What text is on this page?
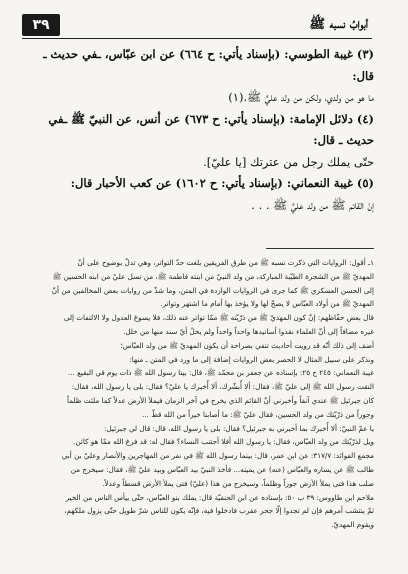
٣٩	أبوابُ نسبه ﷺ

(٣) غيبة الطوسي: (بإسناد يأتي: ح ٦٦٤) عن ابن عبّاس، ـفي حديث ـ قال:

ما هو من ولدي، ولكن من ولد عليٍّ ﷺ.(١)

(٤) دلائل الإمامة: (بإسناد يأتي: ح ٦٧٣) عن أنس، عن النبيّ ﷺ ـفي حديث ـ قال:

حتّى يملك رجل من عترتك [يا عليّ].

(٥) غيبة النعماني: (بإسناد يأتي: ح ١٦٠٢) عن كعب الأحبار قال:

إنّ القائم ﷺ من ولد عليٍّ ﷺ . . .

١ـ أقول: الروايات التي ذكرت نسبه ﷺ من طرق الفريقين بلغت حدّ التواتر، وهي تدلّ بوضوح على أنّ

المهديّ ﷺ من الشجرة الطيّبة المباركة، من ولد النبيّ من ابنته فاطمة ﷺ، من نسل عليّ من ابنه الحسين ﷺ

إلى الحسن العسكري ﷺ كما جرى في الروايات الواردة في المتن، وما شذّ من روايات بعض المخالفين من أنّ

المهديّ ﷺ من أولاد العبّاس لا يصحّ لها ولا يؤخذ بها أمام ما اشتهر وتواتر.

قال بعض حفّاظهم: إنّ كون المهديّ ﷺ من ذرّيّته ﷺ ممّا تواتر عنه ذلك، فلا يسوغ العدول ولا الالتفات إلى

غيره مضافاً إلى أنّ العلماء نقدوا أسانيدها واحداً واحداً ولم يخلُ أيّ سند منها من خلل.

أضف إلى ذلك أنّه قد رويت أحاديث تنفي بصراحة أن يكون المهديّ ﷺ من ولد العبّاس؛

ونذكر على سبيل المثال لا الحصر بعض الروايات إضافة إلى ما ورد في المتن ـ منها:

غيبة النعماني: ٢٤٥ ح ٢٥: بإسناده عن جعفر بن محمّد ﷺ، قال: بينا رسول الله ﷺ ذات يوم في البقيع ...

النقت رسول الله ﷺ إلى عليّ ﷺ، فقال: ألا أُبشّرك، ألا أُخبرك يا عليّ؟ فقال: بلى يا رسول الله، فقال:

كان جبرئيل ﷺ عندي آنفاً وأخبرني أنّ القائم الذي يخرج في آخر الزمان فيملأ الأرض عدلاً كما ملئت ظلماً

وجوراً من ذرّيّتك من ولد الحسين، فقال عليّ ﷺ: ما أصابنا خيراً من الله قطّ ...

يا عمّ النبيّ: ألا أُخبرك بما أخبرني به جبرئيل؟ فقال: بلى يا رسول الله، قال: قال لي جبرئيل:

ويل لذرّيّتك من ولد العبّاس، فقال: يا رسول الله أفلا أجتنب النساء؟ فقال له: قد فرغ الله ممّا هو كائن.

مجمع الفوائد: ٣١٧/٧: عن ابن عمر، قال: بينما رسول الله ﷺ في نفر من المهاجرين والأنصار وعليّ بن أبي

طالب ﷺ عن يساره والعبّاس (عنه) عن يمينه... فأخذ النبيّ بيد العبّاس وبيد عليّ ﷺ، فقال: سيخرج من

صلب هذا فتى يملأ الأرض جوراً وظلماً، وسيخرج من هذا (عليّ) فتى يملأ الأرض قسطاً وعدلاً.

ملاحم ابن طاووس: ٣٩ ب ٥٠: بإسناده عن ابن الحنفيّة قال: يملك بنو العبّاس، حتّى ييأس الناس من الخير

ثمّ ينتشب أمرهم فإن لم تجدوا إلّا جحر عقرب فادخلوا فيه، فإنّه يكون للناس شرّ طويل حتّى يزول ملكهم،

ويقوم المهديّ.
